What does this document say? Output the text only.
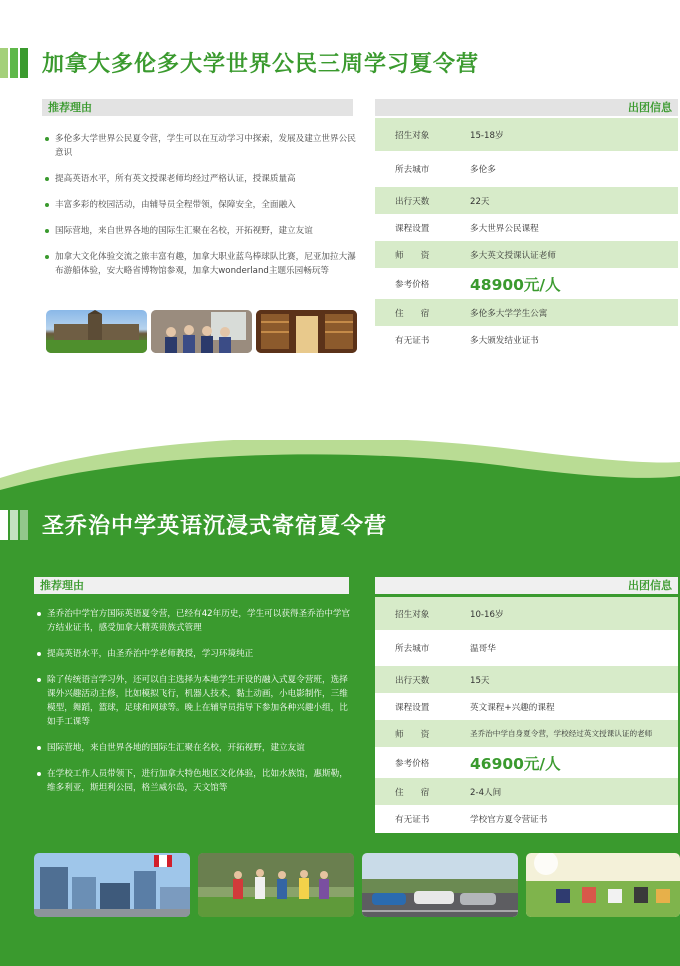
加拿大多伦多大学世界公民三周学习夏令营
推荐理由
多伦多大学世界公民夏令营，学生可以在互动学习中探索，发展及建立世界公民意识
提高英语水平，所有英文授课老师均经过严格认证，授课质量高
丰富多彩的校园活动，由辅导员全程带领，保障安全，全面融入
国际营地，来自世界各地的国际生汇聚在名校，开拓视野，建立友谊
加拿大文化体验交流之旅丰富有趣，加拿大职业蓝鸟棒球队比赛，尼亚加拉大瀑布游船体验，安大略省博物馆参观，加拿大wonderland主题乐园畅玩等
出团信息
招生对象	15-18岁
所去城市	多伦多
出行天数	22天
课程设置	多大世界公民课程
师　　资	多大英文授课认证老师
参考价格	48900元/人
住　　宿	多伦多大学学生公寓
有无证书	多大颁发结业证书
圣乔治中学英语沉浸式寄宿夏令营
推荐理由
圣乔治中学官方国际英语夏令营，已经有42年历史，学生可以获得圣乔治中学官方结业证书，感受加拿大精英贵族式管理
提高英语水平，由圣乔治中学老师教授，学习环境纯正
除了传统语言学习外，还可以自主选择为本地学生开设的融入式夏令营班，选择课外兴趣活动主修，比如模拟飞行，机器人技术，黏土动画，小电影制作，三维模型，舞蹈，篮球，足球和网球等。晚上在辅导员指导下参加各种兴趣小组，比如手工课等
国际营地，来自世界各地的国际生汇聚在名校，开拓视野，建立友谊
在学校工作人员带领下，进行加拿大特色地区文化体验，比如水族馆，惠斯勒，维多利亚，斯坦利公园，格兰威尔岛，天文馆等
出团信息
招生对象	10-16岁
所去城市	温哥华
出行天数	15天
课程设置	英文课程+兴趣的课程
师　　资	圣乔治中学自身夏令营，学校经过英文授课认证的老师
参考价格	46900元/人
住　　宿	2-4人间
有无证书	学校官方夏令营证书
